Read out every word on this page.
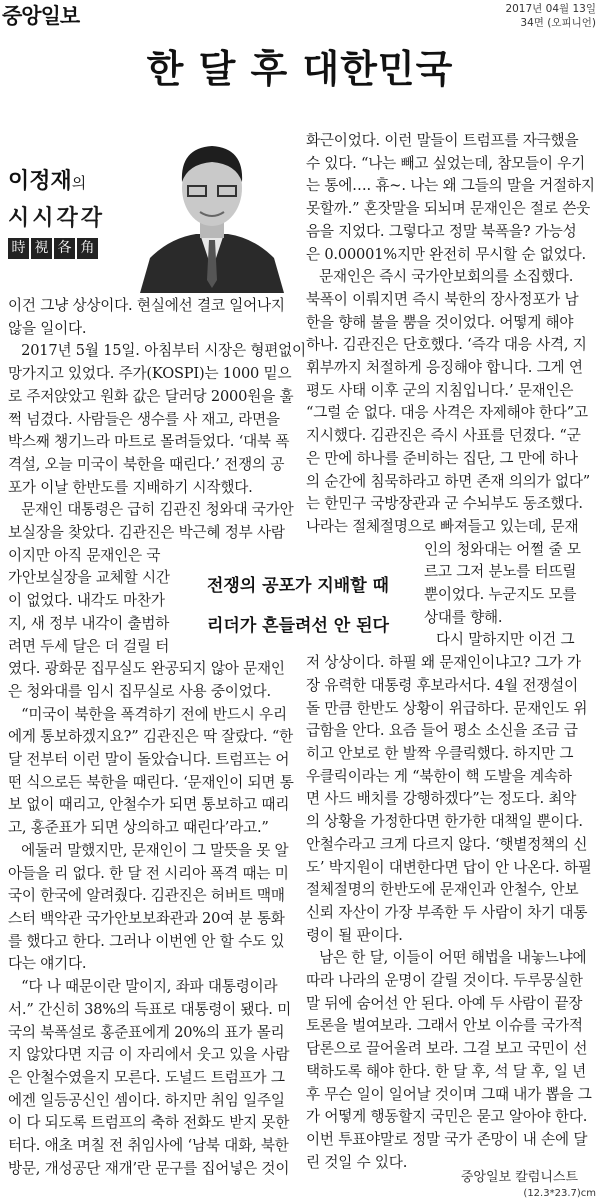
중앙일보	2017년 04월 13일
34면 (오피니언)
한 달 후 대한민국
이정재의
시시각각
時 視 各 角

이건 그냥 상상이다. 현실에선 결코 일어나지

않을 일이다.

2017년 5월 15일. 아침부터 시장은 형편없이

망가지고 있었다. 주가(KOSPI)는 1000 밑으

로 주저앉았고 원화 값은 달러당 2000원을 훌

쩍 넘겼다. 사람들은 생수를 사 재고, 라면을

박스째 챙기느라 마트로 몰려들었다. ‘대북 폭

격설, 오늘 미국이 북한을 때린다.’ 전쟁의 공

포가 이날 한반도를 지배하기 시작했다.

문재인 대통령은 급히 김관진 청와대 국가안

보실장을 찾았다. 김관진은 박근혜 정부 사람

이지만 아직 문재인은 국

가안보실장을 교체할 시간

이 없었다. 내각도 마찬가

지, 새 정부 내각이 출범하

려면 두세 달은 더 걸릴 터

였다. 광화문 집무실도 완공되지 않아 문재인

은 청와대를 임시 집무실로 사용 중이었다.

“미국이 북한을 폭격하기 전에 반드시 우리

에게 통보하겠지요?” 김관진은 딱 잘랐다. “한

달 전부터 이런 말이 돌았습니다. 트럼프는 어

떤 식으로든 북한을 때린다. ‘문재인이 되면 통

보 없이 때리고, 안철수가 되면 통보하고 때리

고, 홍준표가 되면 상의하고 때린다’라고.”

에둘러 말했지만, 문재인이 그 말뜻을 못 알

아들을 리 없다. 한 달 전 시리아 폭격 때는 미

국이 한국에 알려줬다. 김관진은 허버트 맥매

스터 백악관 국가안보보좌관과 20여 분 통화

를 했다고 한다. 그러나 이번엔 안 할 수도 있

다는 얘기다.

“다 나 때문이란 말이지, 좌파 대통령이라

서.” 간신히 38%의 득표로 대통령이 됐다. 미

국의 북폭설로 홍준표에게 20%의 표가 몰리

지 않았다면 지금 이 자리에서 웃고 있을 사람

은 안철수였을지 모른다. 도널드 트럼프가 그

에겐 일등공신인 셈이다. 하지만 취임 일주일

이 다 되도록 트럼프의 축하 전화도 받지 못한

터다. 애초 며칠 전 취임사에 ‘남북 대화, 북한

방문, 개성공단 재개’란 문구를 집어넣은 것이

전쟁의 공포가 지배할 때
리더가 흔들려선 안 된다

화근이었다. 이런 말들이 트럼프를 자극했을

수 있다. “나는 빼고 싶었는데, 참모들이 우기

는 통에…. 휴~. 나는 왜 그들의 말을 거절하지

못할까.” 혼잣말을 되뇌며 문재인은 절로 쓴웃

음을 지었다. 그렇다고 정말 북폭을? 가능성

은 0.00001%지만 완전히 무시할 순 없었다.

문재인은 즉시 국가안보회의를 소집했다.

북폭이 이뤄지면 즉시 북한의 장사정포가 남

한을 향해 불을 뿜을 것이었다. 어떻게 해야

하나. 김관진은 단호했다. ‘즉각 대응 사격, 지

휘부까지 처절하게 응징해야 합니다. 그게 연

평도 사태 이후 군의 지침입니다.’ 문재인은

“그럴 순 없다. 대응 사격은 자제해야 한다”고

지시했다. 김관진은 즉시 사표를 던졌다. “군

은 만에 하나를 준비하는 집단, 그 만에 하나

의 순간에 침묵하라고 하면 존재 의의가 없다”

는 한민구 국방장관과 군 수뇌부도 동조했다.

나라는 절체절명으로 빠져들고 있는데, 문재

인의 청와대는 어쩔 줄 모

르고 그저 분노를 터뜨릴

뿐이었다. 누군지도 모를

상대를 향해.

다시 말하지만 이건 그

저 상상이다. 하필 왜 문재인이냐고? 그가 가

장 유력한 대통령 후보라서다. 4월 전쟁설이

돌 만큼 한반도 상황이 위급하다. 문재인도 위

급함을 안다. 요즘 들어 평소 소신을 조금 급

히고 안보로 한 발짝 우클릭했다. 하지만 그

우클릭이라는 게 “북한이 핵 도발을 계속하

면 사드 배치를 강행하겠다”는 정도다. 최악

의 상황을 가정한다면 한가한 대책일 뿐이다.

안철수라고 크게 다르지 않다. ‘햇볕정책의 신

도’ 박지원이 대변한다면 답이 안 나온다. 하필

절체절명의 한반도에 문재인과 안철수, 안보

신뢰 자산이 가장 부족한 두 사람이 차기 대통

령이 될 판이다.

남은 한 달, 이들이 어떤 해법을 내놓느냐에

따라 나라의 운명이 갈릴 것이다. 두루뭉실한

말 뒤에 숨어선 안 된다. 아예 두 사람이 끝장

토론을 벌여보라. 그래서 안보 이슈를 국가적

담론으로 끌어올려 보라. 그걸 보고 국민이 선

택하도록 해야 한다. 한 달 후, 석 달 후, 일 년

후 무슨 일이 일어날 것이며 그때 내가 뽑을 그

가 어떻게 행동할지 국민은 묻고 알아야 한다.

이번 투표야말로 정말 국가 존망이 내 손에 달

린 것일 수 있다.

중앙일보 칼럼니스트
(12.3*23.7)cm
